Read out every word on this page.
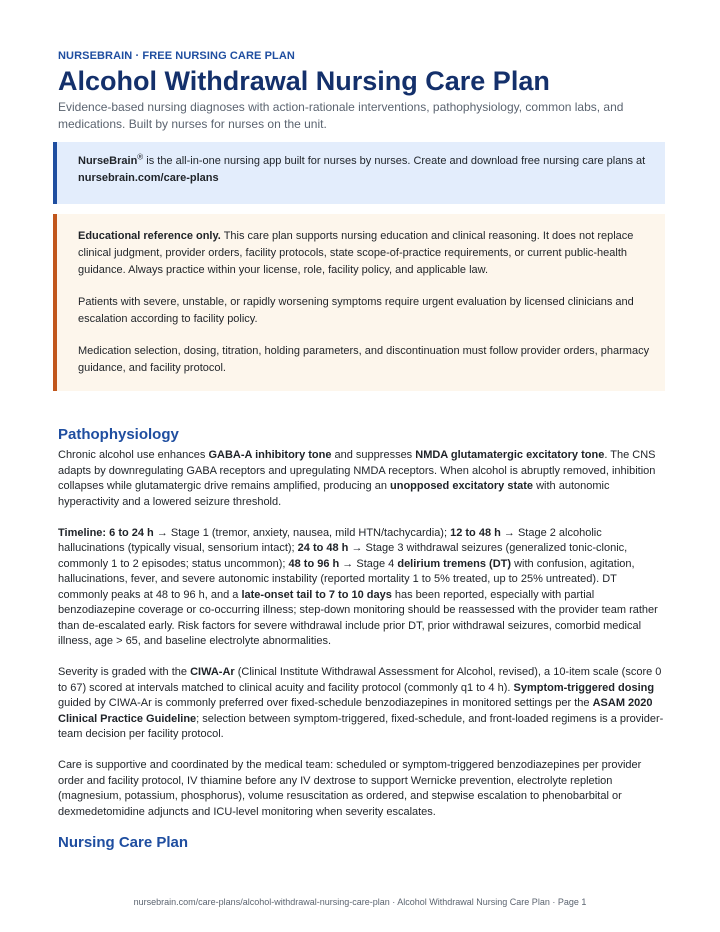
NURSEBRAIN · FREE NURSING CARE PLAN
Alcohol Withdrawal Nursing Care Plan
Evidence-based nursing diagnoses with action-rationale interventions, pathophysiology, common labs, and medications. Built by nurses for nurses on the unit.

NurseBrain® is the all-in-one nursing app built for nurses by nurses. Create and download free nursing care plans at nursebrain.com/care-plans

Educational reference only. This care plan supports nursing education and clinical reasoning. It does not replace clinical judgment, provider orders, facility protocols, state scope-of-practice requirements, or current public-health guidance. Always practice within your license, role, facility policy, and applicable law.

Patients with severe, unstable, or rapidly worsening symptoms require urgent evaluation by licensed clinicians and escalation according to facility policy.

Medication selection, dosing, titration, holding parameters, and discontinuation must follow provider orders, pharmacy guidance, and facility protocol.

Pathophysiology

Chronic alcohol use enhances GABA-A inhibitory tone and suppresses NMDA glutamatergic excitatory tone. The CNS adapts by downregulating GABA receptors and upregulating NMDA receptors. When alcohol is abruptly removed, inhibition collapses while glutamatergic drive remains amplified, producing an unopposed excitatory state with autonomic hyperactivity and a lowered seizure threshold.

Timeline: 6 to 24 h → Stage 1 (tremor, anxiety, nausea, mild HTN/tachycardia); 12 to 48 h → Stage 2 alcoholic hallucinations (typically visual, sensorium intact); 24 to 48 h → Stage 3 withdrawal seizures (generalized tonic-clonic, commonly 1 to 2 episodes; status uncommon); 48 to 96 h → Stage 4 delirium tremens (DT) with confusion, agitation, hallucinations, fever, and severe autonomic instability (reported mortality 1 to 5% treated, up to 25% untreated). DT commonly peaks at 48 to 96 h, and a late-onset tail to 7 to 10 days has been reported, especially with partial benzodiazepine coverage or co-occurring illness; step-down monitoring should be reassessed with the provider team rather than de-escalated early. Risk factors for severe withdrawal include prior DT, prior withdrawal seizures, comorbid medical illness, age > 65, and baseline electrolyte abnormalities.

Severity is graded with the CIWA-Ar (Clinical Institute Withdrawal Assessment for Alcohol, revised), a 10-item scale (score 0 to 67) scored at intervals matched to clinical acuity and facility protocol (commonly q1 to 4 h). Symptom-triggered dosing guided by CIWA-Ar is commonly preferred over fixed-schedule benzodiazepines in monitored settings per the ASAM 2020 Clinical Practice Guideline; selection between symptom-triggered, fixed-schedule, and front-loaded regimens is a provider-team decision per facility protocol.

Care is supportive and coordinated by the medical team: scheduled or symptom-triggered benzodiazepines per provider order and facility protocol, IV thiamine before any IV dextrose to support Wernicke prevention, electrolyte repletion (magnesium, potassium, phosphorus), volume resuscitation as ordered, and stepwise escalation to phenobarbital or dexmedetomidine adjuncts and ICU-level monitoring when severity escalates.

Nursing Care Plan
nursebrain.com/care-plans/alcohol-withdrawal-nursing-care-plan · Alcohol Withdrawal Nursing Care Plan · Page 1
